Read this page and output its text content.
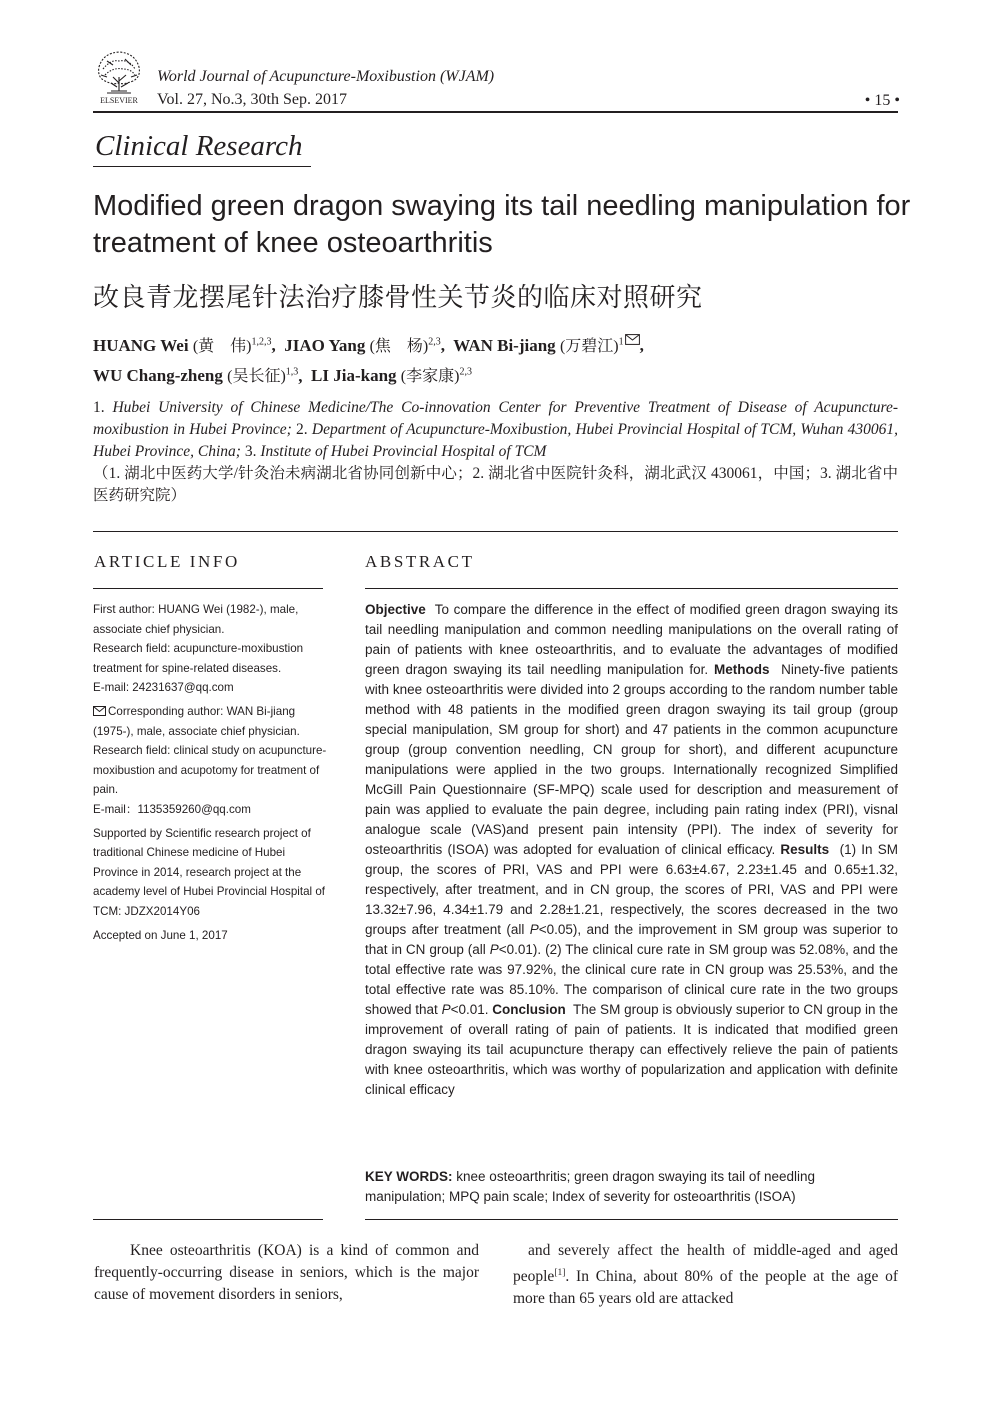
ELSEVIER
World Journal of Acupuncture-Moxibustion (WJAM)
Vol. 27, No.3, 30th Sep. 2017	• 15 •
Clinical Research
Modified green dragon swaying its tail needling manipulation for treatment of knee osteoarthritis
改良青龙摆尾针法治疗膝骨性关节炎的临床对照研究
HUANG Wei (黄　伟)$^{1,2,3}$,  JIAO Yang (焦　杨)$^{2,3}$,  WAN Bi-jiang (万碧江)$^1$ ,
WU Chang-zheng (吴长征)$^{1,3}$,  LI Jia-kang (李家康)$^{2,3}$
1. Hubei University of Chinese Medicine/The Co-innovation Center for Preventive Treatment of Disease of Acupuncture-moxibustion in Hubei Province; 2. Department of Acupuncture-Moxibustion, Hubei Provincial Hospital of TCM, Wuhan 430061, Hubei Province, China; 3. Institute of Hubei Provincial Hospital of TCM
（1. 湖北中医药大学/针灸治未病湖北省协同创新中心；2. 湖北省中医院针灸科，湖北武汉 430061，中国；3. 湖北省中医药研究院）
ARTICLE INFO

First author: HUANG Wei (1982-), male, associate chief physician.
Research field: acupuncture-moxibustion treatment for spine-related diseases.
E-mail: 24231637@qq.com

Corresponding author: WAN Bi-jiang (1975-), male, associate chief physician.
Research field: clinical study on acupuncture-moxibustion and acupotomy for treatment of pain.
E-mail：1135359260@qq.com

Supported by Scientific research project of traditional Chinese medicine of Hubei Province in 2014, research project at the academy level of Hubei Provincial Hospital of TCM: JDZX2014Y06

Accepted on June 1, 2017

ABSTRACT
Objective To compare the difference in the effect of modified green dragon swaying its tail needling manipulation and common needling manipulations on the overall rating of pain of patients with knee osteoarthritis, and to evaluate the advantages of modified green dragon swaying its tail needling manipulation for. Methods Ninety-five patients with knee osteoarthritis were divided into 2 groups according to the random number table method with 48 patients in the modified green dragon swaying its tail group (group special manipulation, SM group for short) and 47 patients in the common acupuncture group (group convention needling, CN group for short), and different acupuncture manipulations were applied in the two groups. Internationally recognized Simplified McGill Pain Questionnaire (SF-MPQ) scale used for description and measurement of pain was applied to evaluate the pain degree, including pain rating index (PRI), visnal analogue scale (VAS)and present pain intensity (PPI). The index of severity for osteoarthritis (ISOA) was adopted for evaluation of clinical efficacy. Results (1) In SM group, the scores of PRI, VAS and PPI were 6.63±4.67, 2.23±1.45 and 0.65±1.32, respectively, after treatment, and in CN group, the scores of PRI, VAS and PPI were 13.32±7.96, 4.34±1.79 and 2.28±1.21, respectively, the scores decreased in the two groups after treatment (all P<0.05), and the improvement in SM group was superior to that in CN group (all P<0.01). (2) The clinical cure rate in SM group was 52.08%, and the total effective rate was 97.92%, the clinical cure rate in CN group was 25.53%, and the total effective rate was 85.10%. The comparison of clinical cure rate in the two groups showed that P<0.01. Conclusion The SM group is obviously superior to CN group in the improvement of overall rating of pain of patients. It is indicated that modified green dragon swaying its tail acupuncture therapy can effectively relieve the pain of patients with knee osteoarthritis, which was worthy of popularization and application with definite clinical efficacy
KEY WORDS: knee osteoarthritis; green dragon swaying its tail of needling manipulation; MPQ pain scale; Index of severity for osteoarthritis (ISOA)
Knee osteoarthritis (KOA) is a kind of common and frequently-occurring disease in seniors, which is the major cause of movement disorders in seniors,
and severely affect the health of middle-aged and aged people[1]. In China, about 80% of the people at the age of more than 65 years old are attacked
